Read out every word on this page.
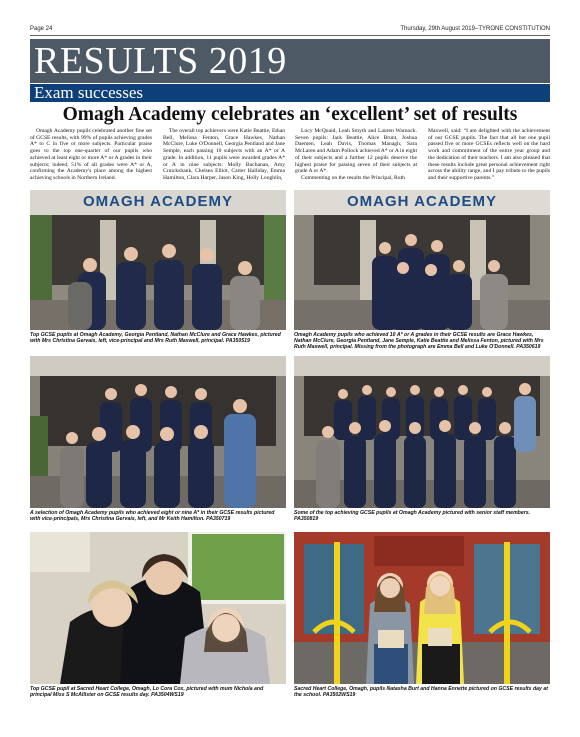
Page 24	Thursday, 29th August 2019–TYRONE CONSTITUTION
RESULTS 2019
Exam successes
Omagh Academy celebrates an ‘excellent’ set of results

Omagh Academy pupils celebrated another fine set of GCSE results, with 99% of pupils achieving grades A* to C in five or more subjects. Particular praise goes to the top one-quarter of our pupils who achieved at least eight or more A* or A grades in their subjects; indeed, 51% of all grades were A* or A, confirming the Academy's place among the highest achieving schools in Northern Ireland.

The overall top achievers were Katie Beattie, Ethan Bell, Melissa Fenton, Grace Hawkes, Nathan McClure, Luke O'Donnell, Georgia Pentland and Jane Semple, each passing 10 subjects with an A* or A grade. In addition, 11 pupils were awarded grades A* or A in nine subjects: Molly Buchanan, Amy Cruickshank, Chelsea Elliot, Carter Halliday, Emma Hamilton, Clara Harper, Jason King, Holly Loughlin,

Lucy McQuaid, Leah Smyth and Lauren Warnock. Seven pupils: Jack Beattie, Alice Brunt, Joshua Daemen, Leah Davis, Thomas Managh, Sara McLaren and Adam Pollock achieved A* or A in eight of their subjects and a further 12 pupils deserve the highest praise for passing seven of their subjects at grade A or A*.

Commenting on the results the Principal, Ruth

Maxwell, said: “I am delighted with the achievement of our GCSE pupils. The fact that all but one pupil passed five or more GCSEs reflects well on the hard work and commitment of the entire year group and the dedication of their teachers. I am also pleased that these results include great personal achievement right across the ability range, and I pay tribute to the pupils and their supportive parents.”

OMAGH ACADEMY
Top GCSE pupils at Omagh Academy, Georgia Pentland, Nathan McClure and Grace Hawkes, pictured with Mrs Christina Gervais, left, vice-principal and Mrs Ruth Maxwell, principal. PA350519
OMAGH ACADEMY
Omagh Academy pupils who achieved 10 A* or A grades in their GCSE results are Grace Hawkes, Nathan McClure, Georgia Pentland, Jane Semple, Katie Beattie and Melissa Fenton, pictured with Mrs Ruth Maxwell, principal. Missing from the photograph are Emma Bell and Luke O'Donnell. PA350619
A selection of Omagh Academy pupils who achieved eight or nine A* in their GCSE results pictured with vice-principals, Mrs Christina Gervais, left, and Mr Keith Hamilton. PA350719
Some of the top achieving GCSE pupils at Omagh Academy pictured with senior staff members. PA350819
Top GCSE pupil at Sacred Heart College, Omagh, Lo Cora Cox, pictured with mum Nichola and principal Miss S McAllister on GCSE results day. PA3504WS19
Sacred Heart College, Omagh, pupils Natasha Burt and Hanna Ennette pictured on GCSE results day at the school. PA3502WS19
